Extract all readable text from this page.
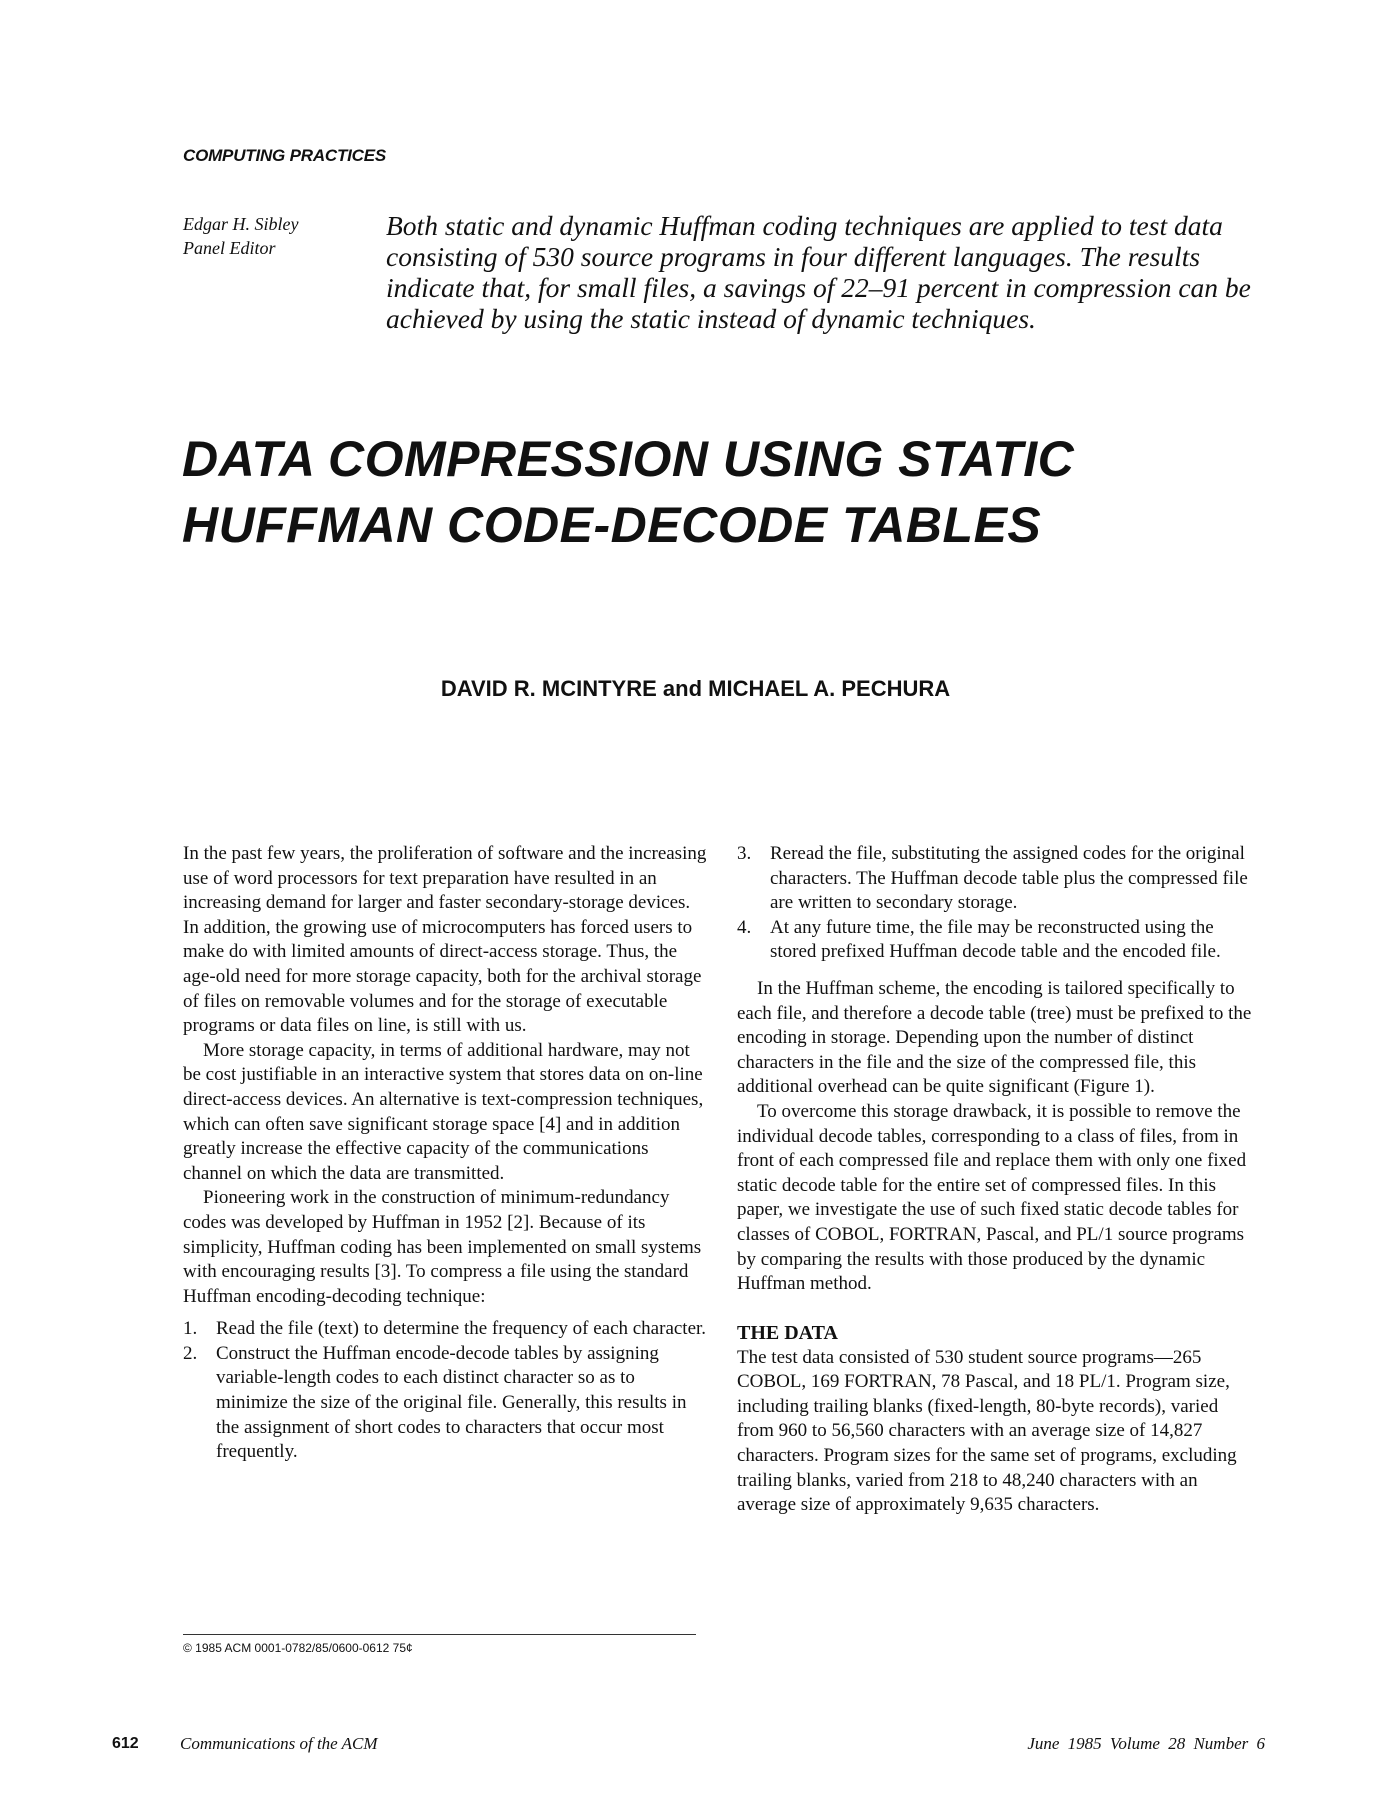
COMPUTING PRACTICES
Edgar H. Sibley
Panel Editor

Both static and dynamic Huffman coding techniques are applied to test data consisting of 530 source programs in four different languages. The results indicate that, for small files, a savings of 22–91 percent in compression can be achieved by using the static instead of dynamic techniques.

DATA COMPRESSION USING STATIC
HUFFMAN CODE-DECODE TABLES
DAVID R. MCINTYRE and MICHAEL A. PECHURA

In the past few years, the proliferation of software and the increasing use of word processors for text preparation have resulted in an increasing demand for larger and faster secondary-storage devices. In addition, the growing use of microcomputers has forced users to make do with limited amounts of direct-access storage. Thus, the age-old need for more storage capacity, both for the archival storage of files on removable volumes and for the storage of executable programs or data files on line, is still with us.

More storage capacity, in terms of additional hardware, may not be cost justifiable in an interactive system that stores data on on-line direct-access devices. An alternative is text-compression techniques, which can often save significant storage space [4] and in addition greatly increase the effective capacity of the communications channel on which the data are transmitted.

Pioneering work in the construction of minimum-redundancy codes was developed by Huffman in 1952 [2]. Because of its simplicity, Huffman coding has been implemented on small systems with encouraging results [3]. To compress a file using the standard Huffman encoding-decoding technique:

1. Read the file (text) to determine the frequency of each character.
2. Construct the Huffman encode-decode tables by assigning variable-length codes to each distinct character so as to minimize the size of the original file. Generally, this results in the assignment of short codes to characters that occur most frequently.
© 1985 ACM 0001-0782/85/0600-0612 75¢
3. Reread the file, substituting the assigned codes for the original characters. The Huffman decode table plus the compressed file are written to secondary storage.
4. At any future time, the file may be reconstructed using the stored prefixed Huffman decode table and the encoded file.

In the Huffman scheme, the encoding is tailored specifically to each file, and therefore a decode table (tree) must be prefixed to the encoding in storage. Depending upon the number of distinct characters in the file and the size of the compressed file, this additional overhead can be quite significant (Figure 1).

To overcome this storage drawback, it is possible to remove the individual decode tables, corresponding to a class of files, from in front of each compressed file and replace them with only one fixed static decode table for the entire set of compressed files. In this paper, we investigate the use of such fixed static decode tables for classes of COBOL, FORTRAN, Pascal, and PL/1 source programs by comparing the results with those produced by the dynamic Huffman method.

THE DATA

The test data consisted of 530 student source programs—265 COBOL, 169 FORTRAN, 78 Pascal, and 18 PL/1. Program size, including trailing blanks (fixed-length, 80-byte records), varied from 960 to 56,560 characters with an average size of 14,827 characters. Program sizes for the same set of programs, excluding trailing blanks, varied from 218 to 48,240 characters with an average size of approximately 9,635 characters.

612 Communications of the ACM	June 1985 Volume 28 Number 6
